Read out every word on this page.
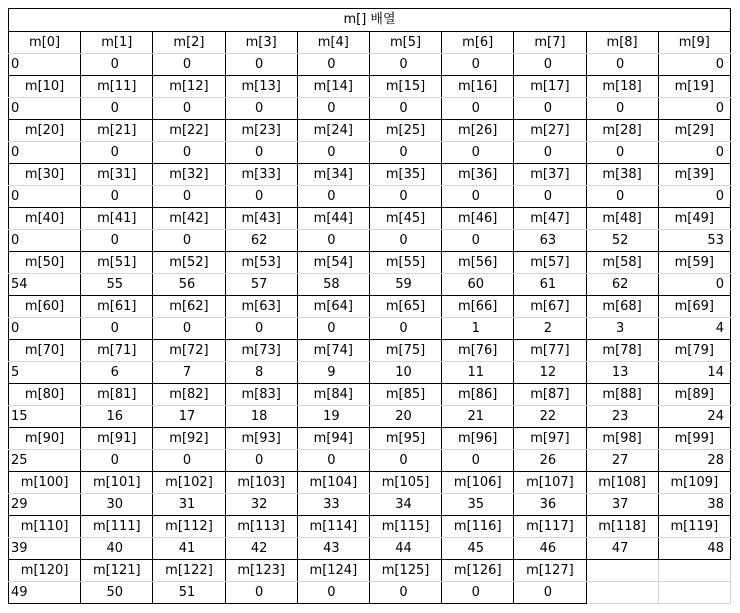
m[] 배열									
m[0]	m[1]	m[2]	m[3]	m[4]	m[5]	m[6]	m[7]	m[8]	m[9]

0	0	0	0	0	0	0	0	0	0

m[10]	m[11]	m[12]	m[13]	m[14]	m[15]	m[16]	m[17]	m[18]	m[19]

0	0	0	0	0	0	0	0	0	0

m[20]	m[21]	m[22]	m[23]	m[24]	m[25]	m[26]	m[27]	m[28]	m[29]

0	0	0	0	0	0	0	0	0	0

m[30]	m[31]	m[32]	m[33]	m[34]	m[35]	m[36]	m[37]	m[38]	m[39]

0	0	0	0	0	0	0	0	0	0

m[40]	m[41]	m[42]	m[43]	m[44]	m[45]	m[46]	m[47]	m[48]	m[49]

0	0	0	62	0	0	0	63	52	53

m[50]	m[51]	m[52]	m[53]	m[54]	m[55]	m[56]	m[57]	m[58]	m[59]

54	55	56	57	58	59	60	61	62	0

m[60]	m[61]	m[62]	m[63]	m[64]	m[65]	m[66]	m[67]	m[68]	m[69]

0	0	0	0	0	0	1	2	3	4

m[70]	m[71]	m[72]	m[73]	m[74]	m[75]	m[76]	m[77]	m[78]	m[79]

5	6	7	8	9	10	11	12	13	14

m[80]	m[81]	m[82]	m[83]	m[84]	m[85]	m[86]	m[87]	m[88]	m[89]

15	16	17	18	19	20	21	22	23	24

m[90]	m[91]	m[92]	m[93]	m[94]	m[95]	m[96]	m[97]	m[98]	m[99]

25	0	0	0	0	0	0	26	27	28

m[100]	m[101]	m[102]	m[103]	m[104]	m[105]	m[106]	m[107]	m[108]	m[109]

29	30	31	32	33	34	35	36	37	38

m[110]	m[111]	m[112]	m[113]	m[114]	m[115]	m[116]	m[117]	m[118]	m[119]

39	40	41	42	43	44	45	46	47	48

m[120]	m[121]	m[122]	m[123]	m[124]	m[125]	m[126]	m[127]		

49	50	51	0	0	0	0	0		
